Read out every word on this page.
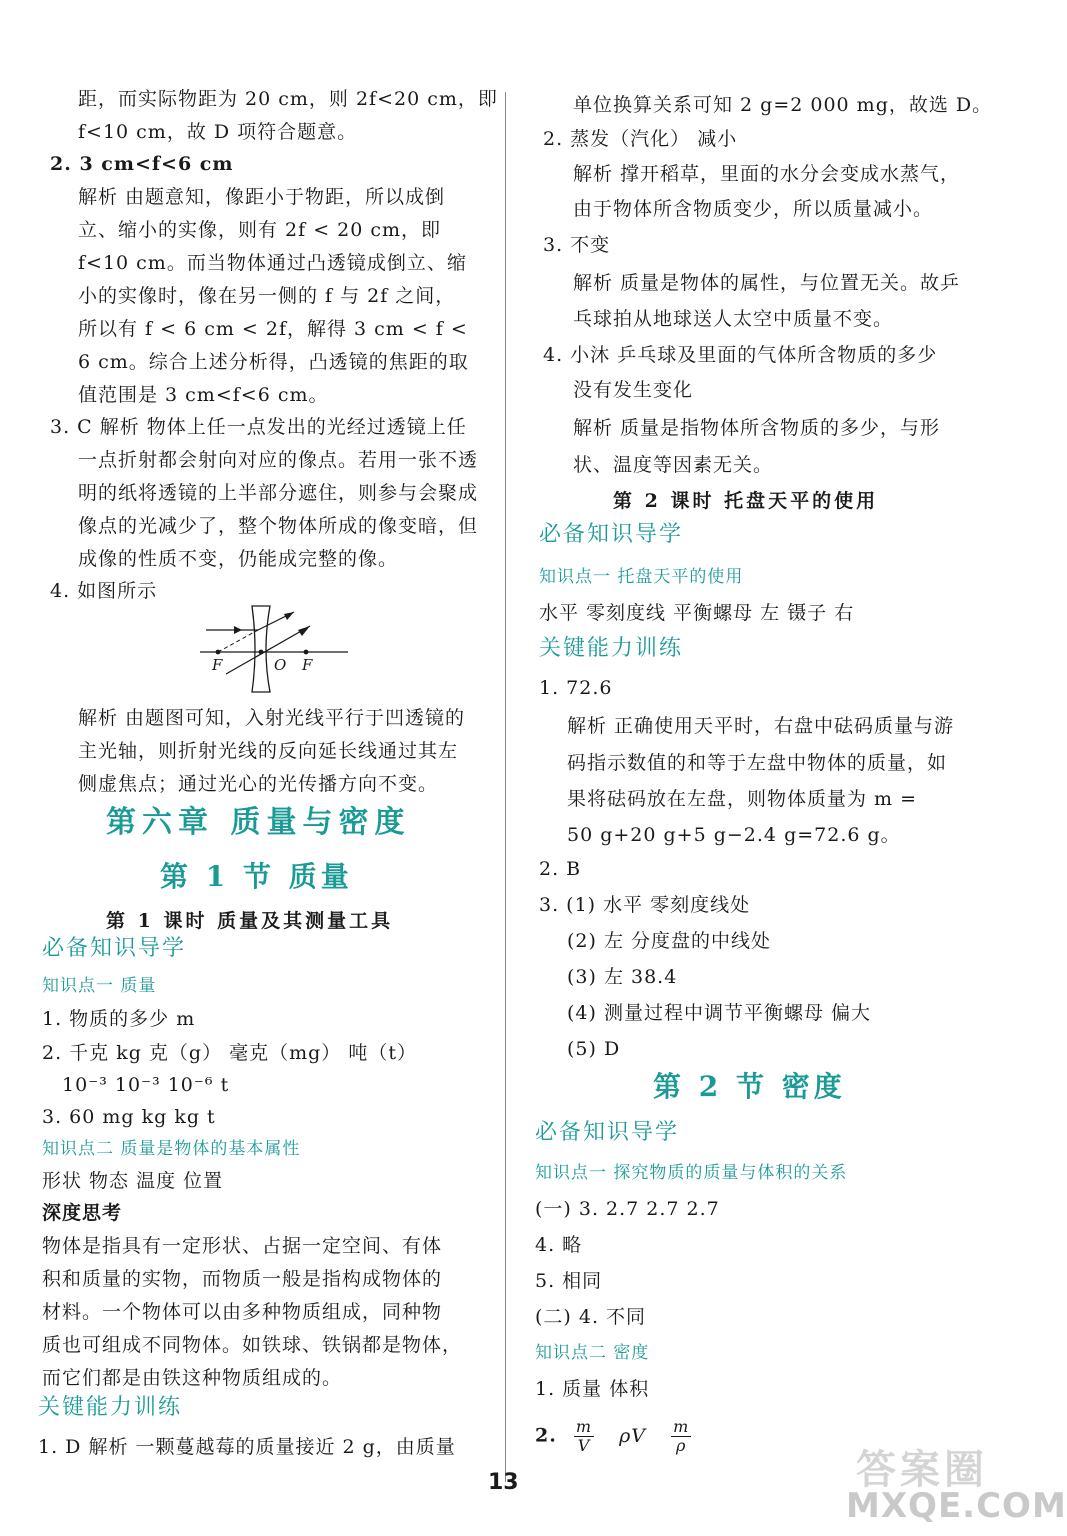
距，而实际物距为 20 cm，则 2f<20 cm，即
f<10 cm，故 D 项符合题意。
2. 3 cm<f<6 cm
解析 由题意知，像距小于物距，所以成倒
立、缩小的实像，则有 2f < 20 cm，即
f<10 cm。而当物体通过凸透镜成倒立、缩
小的实像时，像在另一侧的 f 与 2f 之间，
所以有 f < 6 cm < 2f，解得 3 cm < f <
6 cm。综合上述分析得，凸透镜的焦距的取
值范围是 3 cm<f<6 cm。
3. C 解析 物体上任一点发出的光经过透镜上任
一点折射都会射向对应的像点。若用一张不透
明的纸将透镜的上半部分遮住，则参与会聚成
像点的光减少了，整个物体所成的像变暗，但
成像的性质不变，仍能成完整的像。
4. 如图所示
解析 由题图可知，入射光线平行于凹透镜的
主光轴，则折射光线的反向延长线通过其左
侧虚焦点；通过光心的光传播方向不变。
第六章 质量与密度
第 1 节 质量
第 1 课时 质量及其测量工具
必备知识导学
知识点一 质量
1. 物质的多少 m
2. 千克 kg 克（g） 毫克（mg） 吨（t）
10⁻³ 10⁻³ 10⁻⁶ t
3. 60 mg kg kg t
知识点二 质量是物体的基本属性
形状 物态 温度 位置
深度思考
物体是指具有一定形状、占据一定空间、有体
积和质量的实物，而物质一般是指构成物体的
材料。一个物体可以由多种物质组成，同种物
质也可组成不同物体。如铁球、铁锅都是物体，
而它们都是由铁这种物质组成的。
关键能力训练
1. D 解析 一颗蔓越莓的质量接近 2 g，由质量
单位换算关系可知 2 g=2 000 mg，故选 D。
2. 蒸发（汽化） 减小
解析 撑开稻草，里面的水分会变成水蒸气，
由于物体所含物质变少，所以质量减小。
3. 不变
解析 质量是物体的属性，与位置无关。故乒
乓球拍从地球送人太空中质量不变。
4. 小沐 乒乓球及里面的气体所含物质的多少
没有发生变化
解析 质量是指物体所含物质的多少，与形
状、温度等因素无关。
第 2 课时 托盘天平的使用
必备知识导学
知识点一 托盘天平的使用
水平 零刻度线 平衡螺母 左 镊子 右
关键能力训练
1. 72.6
解析 正确使用天平时，右盘中砝码质量与游
码指示数值的和等于左盘中物体的质量，如
果将砝码放在左盘，则物体质量为 m =
50 g+20 g+5 g−2.4 g=72.6 g。
2. B
3. (1) 水平 零刻度线处
(2) 左 分度盘的中线处
(3) 左 38.4
(4) 测量过程中调节平衡螺母 偏大
(5) D
第 2 节 密度
必备知识导学
知识点一 探究物质的质量与体积的关系
(一) 3. 2.7 2.7 2.7
4. 略
5. 相同
(二) 4. 不同
知识点二 密度
1. 质量 体积
F	O F
2. $\frac{m}{V}$ ρV $\frac{m}{\rho}$
13	答案圈
MXQE.COM
